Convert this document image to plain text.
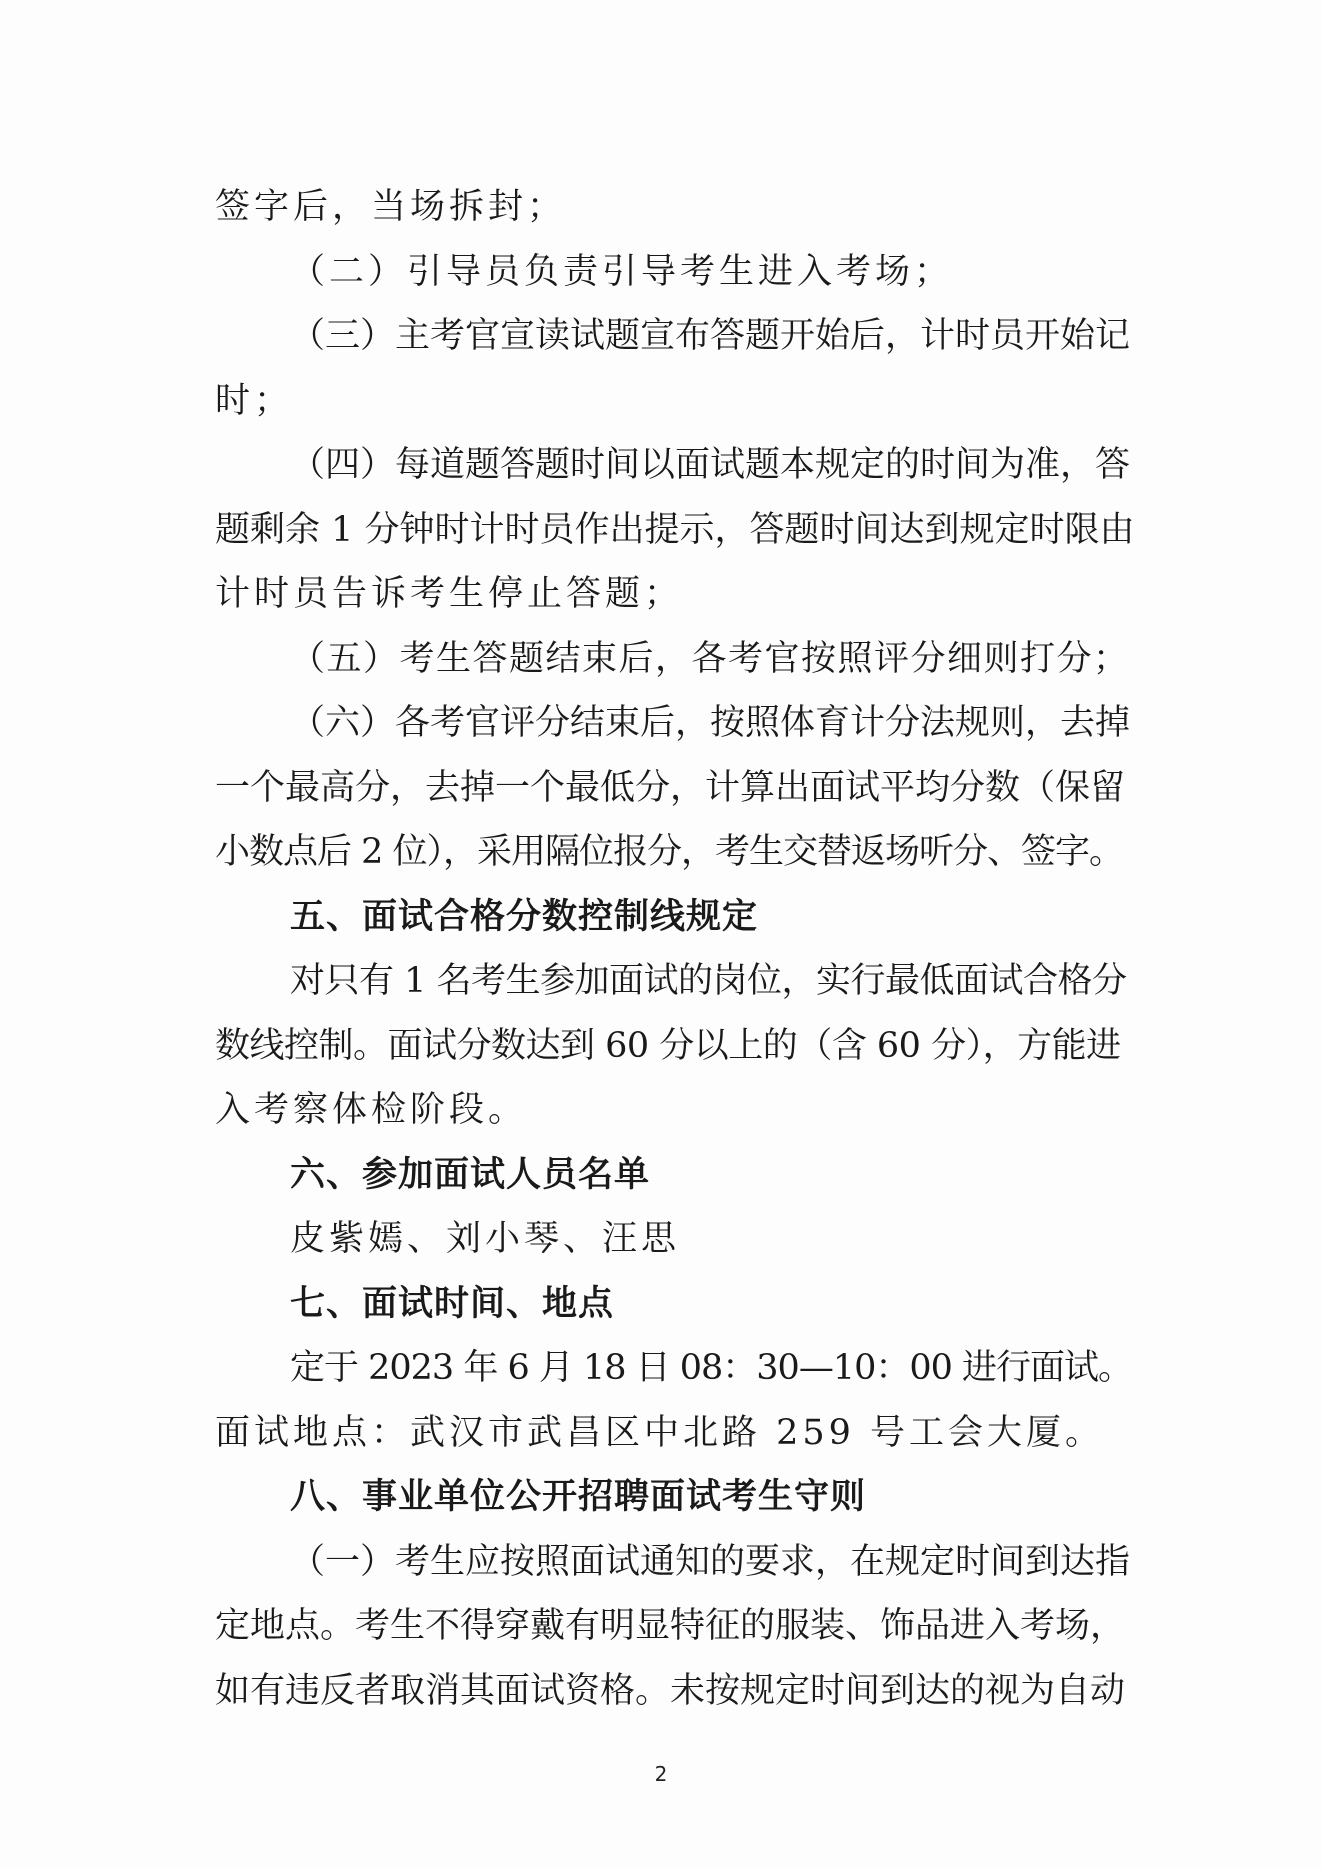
签字后，当场拆封；
（二）引导员负责引导考生进入考场；
（三）主考官宣读试题宣布答题开始后，计时员开始记
时；
（四）每道题答题时间以面试题本规定的时间为准，答
题剩余 1 分钟时计时员作出提示，答题时间达到规定时限由
计时员告诉考生停止答题；
（五）考生答题结束后，各考官按照评分细则打分；
（六）各考官评分结束后，按照体育计分法规则，去掉
一个最高分，去掉一个最低分，计算出面试平均分数（保留
小数点后 2 位），采用隔位报分，考生交替返场听分、签字。
五、面试合格分数控制线规定
对只有 1 名考生参加面试的岗位，实行最低面试合格分
数线控制。面试分数达到 60 分以上的（含 60 分），方能进
入考察体检阶段。
六、参加面试人员名单
皮紫嫣、刘小琴、汪思
七、面试时间、地点
定于 2023 年 6 月 18 日 08：30—10：00 进行面试。
面试地点：武汉市武昌区中北路 259 号工会大厦。
八、事业单位公开招聘面试考生守则
（一）考生应按照面试通知的要求，在规定时间到达指
定地点。考生不得穿戴有明显特征的服装、饰品进入考场，
如有违反者取消其面试资格。未按规定时间到达的视为自动
2
